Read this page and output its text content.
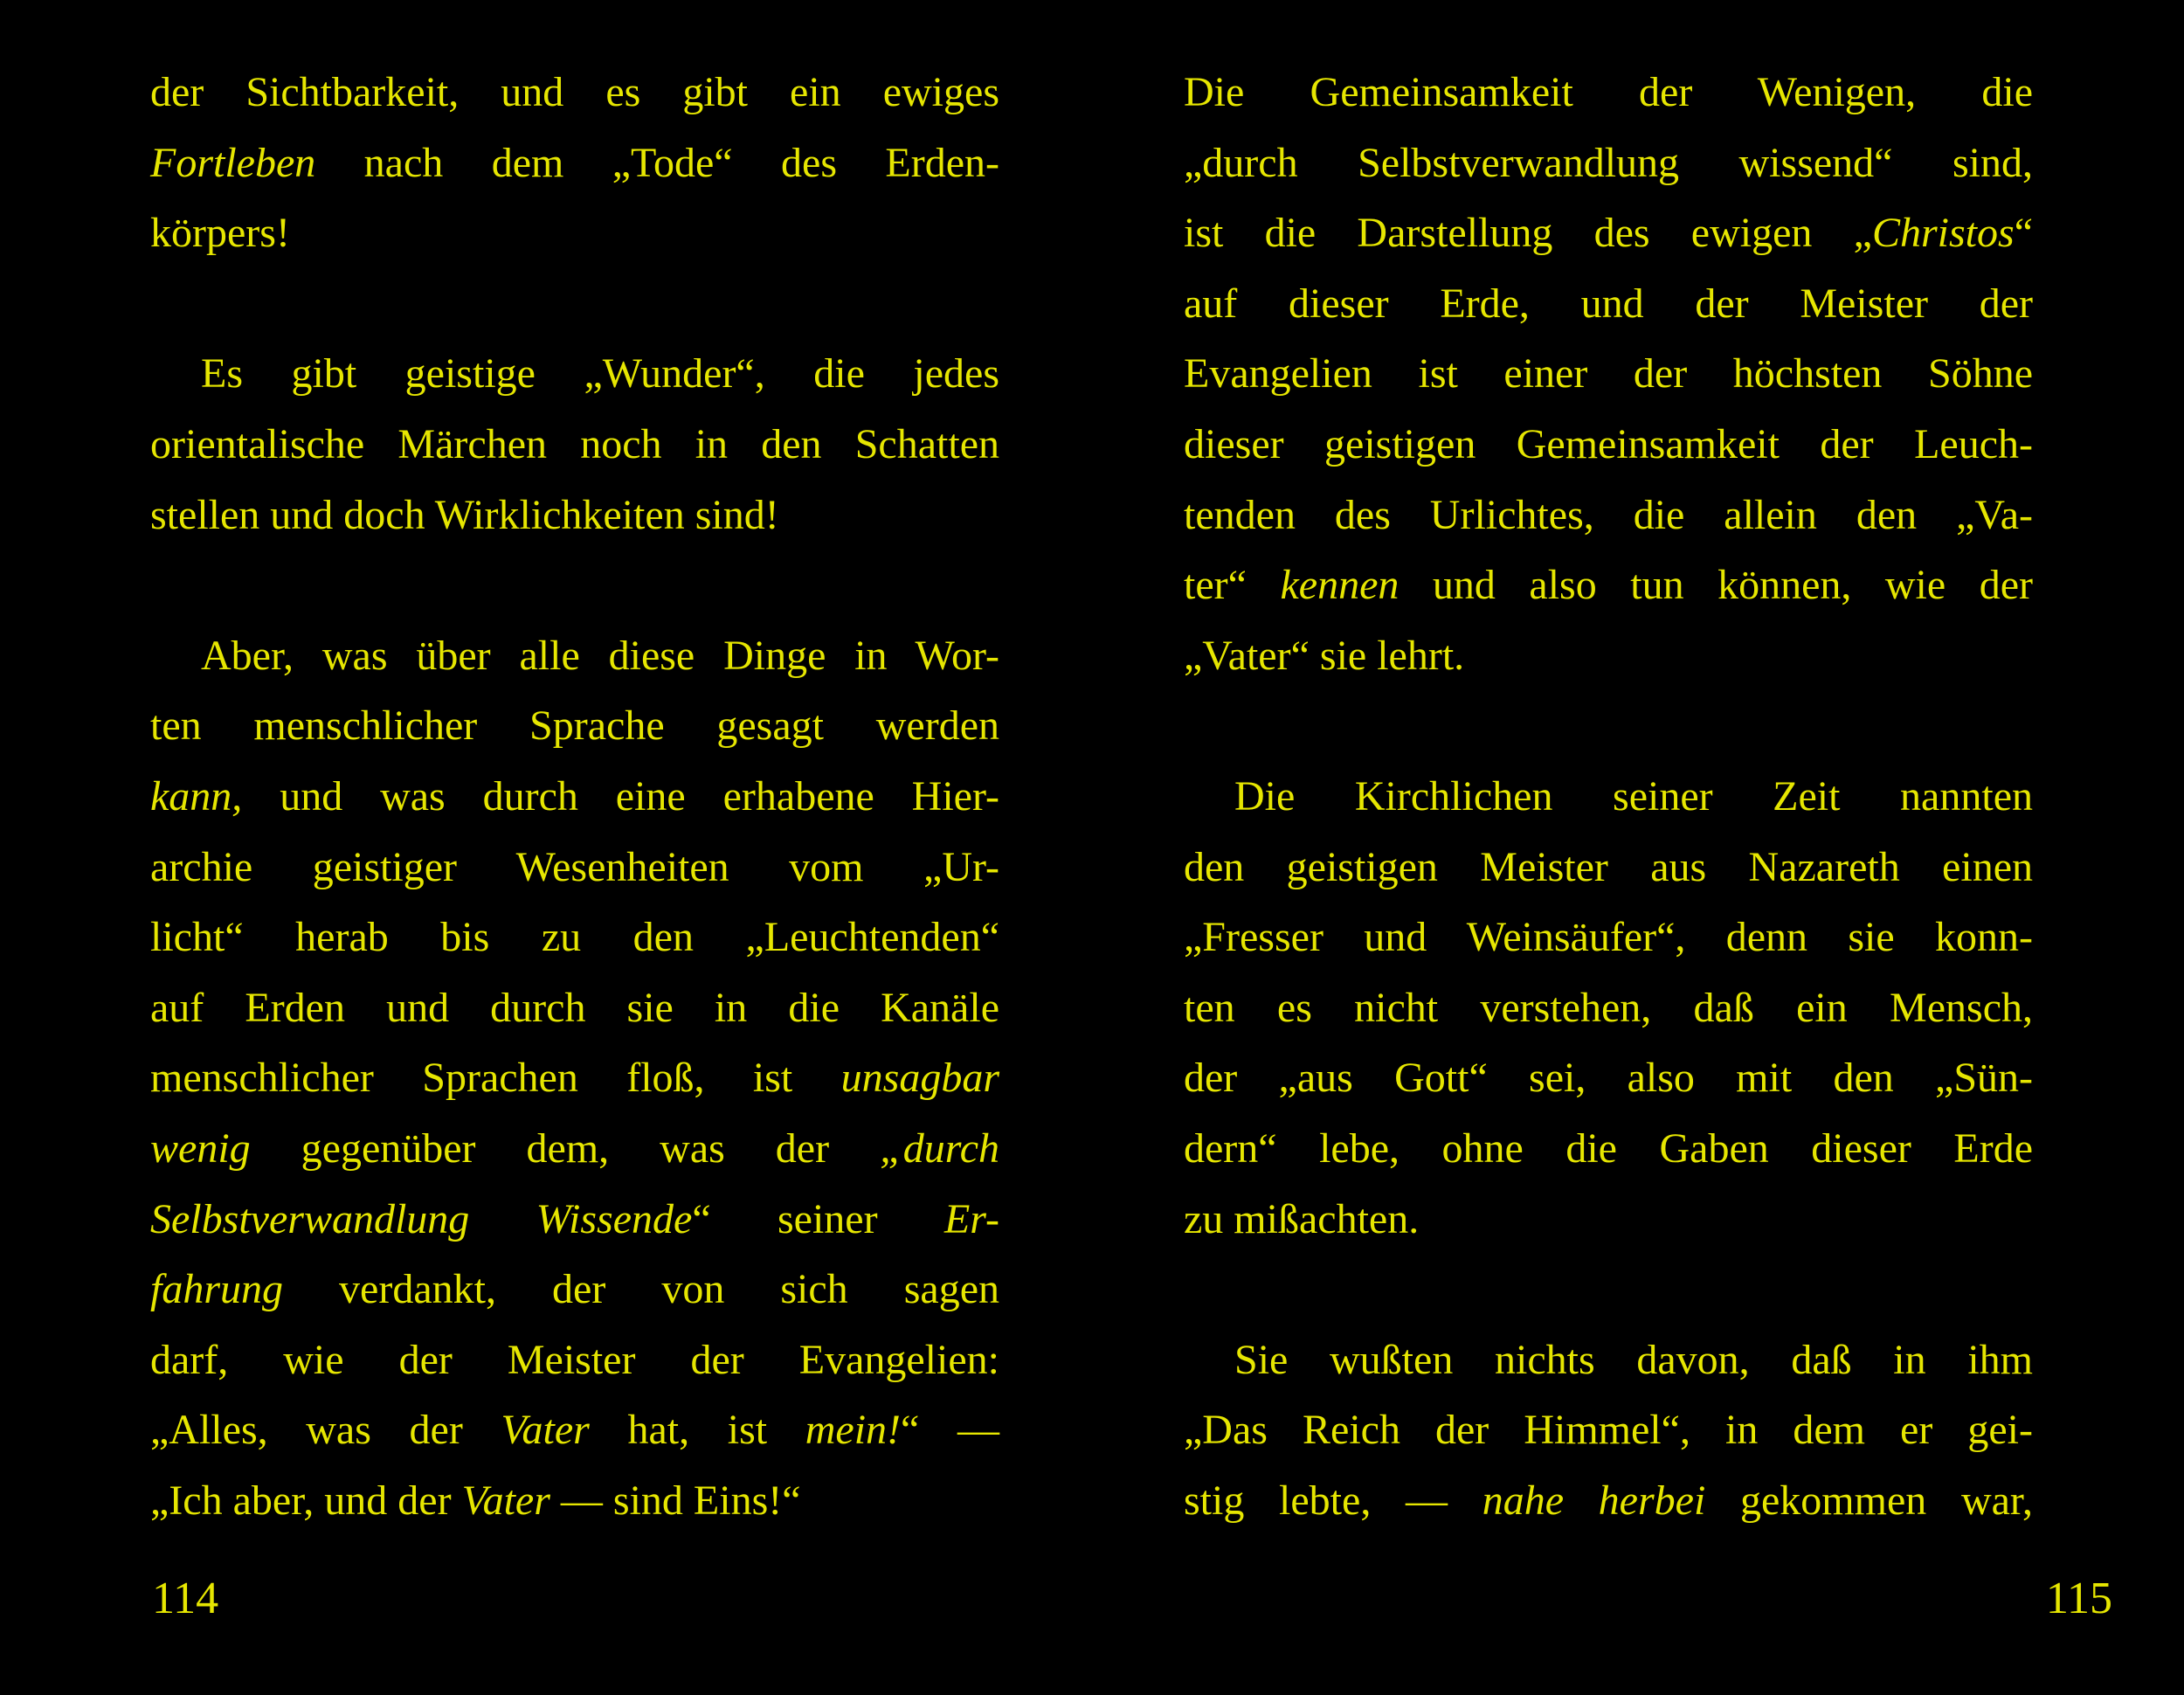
der Sichtbarkeit, und es gibt ein ewiges
Fortleben nach dem „Tode“ des Erden-
körpers!
Es gibt geistige „Wunder“, die jedes
orientalische Märchen noch in den Schatten
stellen und doch Wirklichkeiten sind!
Aber, was über alle diese Dinge in Wor-
ten menschlicher Sprache gesagt werden
kann, und was durch eine erhabene Hier-
archie geistiger Wesenheiten vom „Ur-
licht“ herab bis zu den „Leuchtenden“
auf Erden und durch sie in die Kanäle
menschlicher Sprachen floß, ist unsagbar
wenig gegenüber dem, was der „durch
Selbstverwandlung Wissende“ seiner Er-
fahrung verdankt, der von sich sagen
darf, wie der Meister der Evangelien:
„Alles, was der Vater hat, ist mein!“ —
„Ich aber, und der Vater — sind Eins!“
114
Die Gemeinsamkeit der Wenigen, die
„durch Selbstverwandlung wissend“ sind,
ist die Darstellung des ewigen „Christos“
auf dieser Erde, und der Meister der
Evangelien ist einer der höchsten Söhne
dieser geistigen Gemeinsamkeit der Leuch-
tenden des Urlichtes, die allein den „Va-
ter“ kennen und also tun können, wie der
„Vater“ sie lehrt.
Die Kirchlichen seiner Zeit nannten
den geistigen Meister aus Nazareth einen
„Fresser und Weinsäufer“, denn sie konn-
ten es nicht verstehen, daß ein Mensch,
der „aus Gott“ sei, also mit den „Sün-
dern“ lebe, ohne die Gaben dieser Erde
zu mißachten.
Sie wußten nichts davon, daß in ihm
„Das Reich der Himmel“, in dem er gei-
stig lebte, — nahe herbei gekommen war,
115
